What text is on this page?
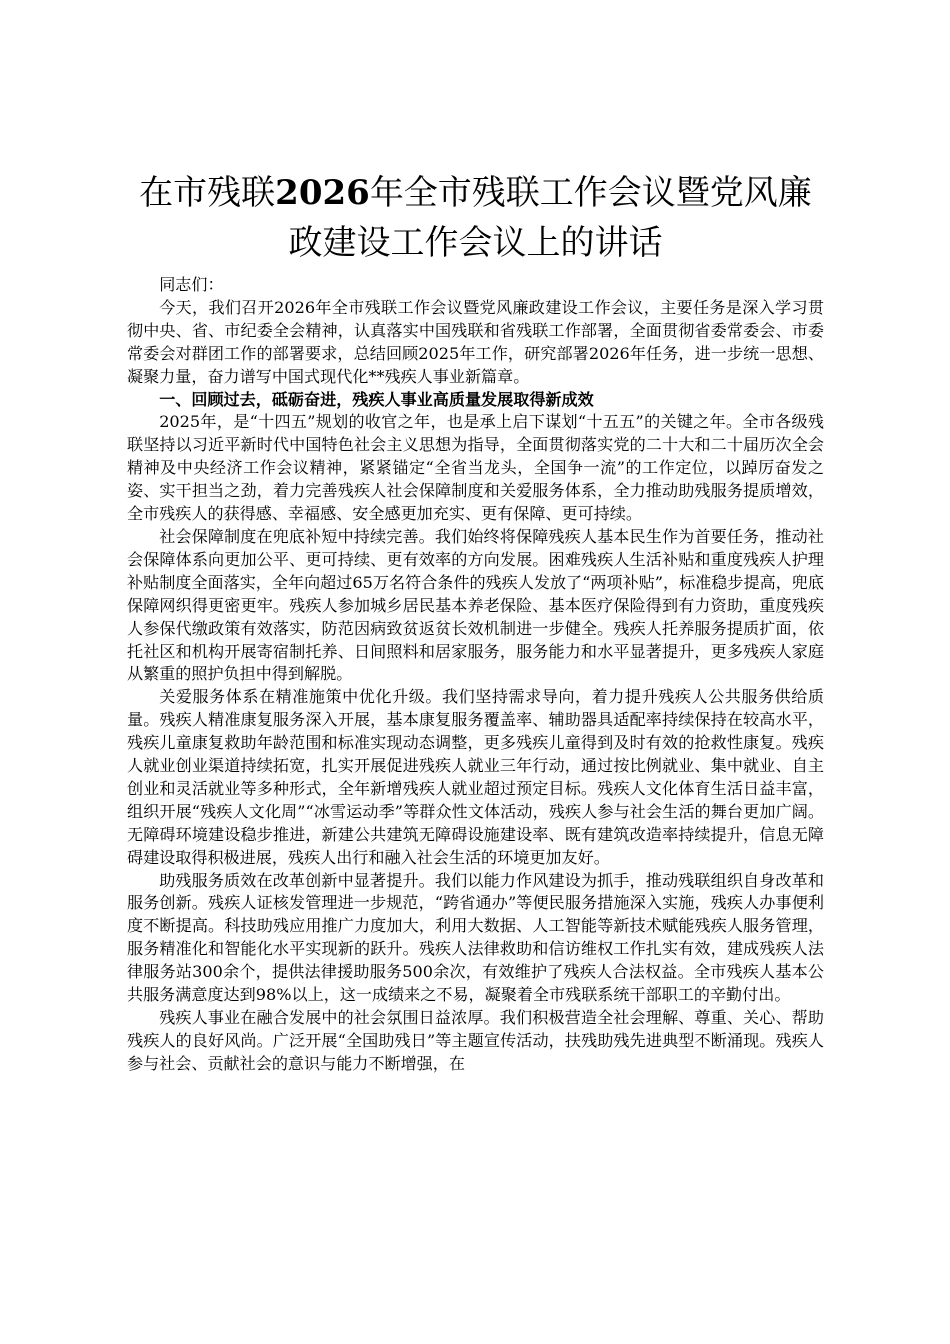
在市残联2026年全市残联工作会议暨党风廉
政建设工作会议上的讲话

同志们：

今天，我们召开2026年全市残联工作会议暨党风廉政建设工作会议，主要任务是深入学习贯彻中央、省、市纪委全会精神，认真落实中国残联和省残联工作部署，全面贯彻省委常委会、市委常委会对群团工作的部署要求，总结回顾2025年工作，研究部署2026年任务，进一步统一思想、凝聚力量，奋力谱写中国式现代化**残疾人事业新篇章。

一、回顾过去，砥砺奋进，残疾人事业高质量发展取得新成效

2025年，是“十四五”规划的收官之年，也是承上启下谋划“十五五”的关键之年。全市各级残联坚持以习近平新时代中国特色社会主义思想为指导，全面贯彻落实党的二十大和二十届历次全会精神及中央经济工作会议精神，紧紧锚定“全省当龙头，全国争一流”的工作定位，以踔厉奋发之姿、实干担当之劲，着力完善残疾人社会保障制度和关爱服务体系，全力推动助残服务提质增效，全市残疾人的获得感、幸福感、安全感更加充实、更有保障、更可持续。

社会保障制度在兜底补短中持续完善。我们始终将保障残疾人基本民生作为首要任务，推动社会保障体系向更加公平、更可持续、更有效率的方向发展。困难残疾人生活补贴和重度残疾人护理补贴制度全面落实，全年向超过65万名符合条件的残疾人发放了“两项补贴”，标准稳步提高，兜底保障网织得更密更牢。残疾人参加城乡居民基本养老保险、基本医疗保险得到有力资助，重度残疾人参保代缴政策有效落实，防范因病致贫返贫长效机制进一步健全。残疾人托养服务提质扩面，依托社区和机构开展寄宿制托养、日间照料和居家服务，服务能力和水平显著提升，更多残疾人家庭从繁重的照护负担中得到解脱。

关爱服务体系在精准施策中优化升级。我们坚持需求导向，着力提升残疾人公共服务供给质量。残疾人精准康复服务深入开展，基本康复服务覆盖率、辅助器具适配率持续保持在较高水平，残疾儿童康复救助年龄范围和标准实现动态调整，更多残疾儿童得到及时有效的抢救性康复。残疾人就业创业渠道持续拓宽，扎实开展促进残疾人就业三年行动，通过按比例就业、集中就业、自主创业和灵活就业等多种形式，全年新增残疾人就业超过预定目标。残疾人文化体育生活日益丰富，组织开展“残疾人文化周”“冰雪运动季”等群众性文体活动，残疾人参与社会生活的舞台更加广阔。无障碍环境建设稳步推进，新建公共建筑无障碍设施建设率、既有建筑改造率持续提升，信息无障碍建设取得积极进展，残疾人出行和融入社会生活的环境更加友好。

助残服务质效在改革创新中显著提升。我们以能力作风建设为抓手，推动残联组织自身改革和服务创新。残疾人证核发管理进一步规范，“跨省通办”等便民服务措施深入实施，残疾人办事便利度不断提高。科技助残应用推广力度加大，利用大数据、人工智能等新技术赋能残疾人服务管理，服务精准化和智能化水平实现新的跃升。残疾人法律救助和信访维权工作扎实有效，建成残疾人法律服务站300余个，提供法律援助服务500余次，有效维护了残疾人合法权益。全市残疾人基本公共服务满意度达到98%以上，这一成绩来之不易，凝聚着全市残联系统干部职工的辛勤付出。

残疾人事业在融合发展中的社会氛围日益浓厚。我们积极营造全社会理解、尊重、关心、帮助残疾人的良好风尚。广泛开展“全国助残日”等主题宣传活动，扶残助残先进典型不断涌现。残疾人参与社会、贡献社会的意识与能力不断增强，在
